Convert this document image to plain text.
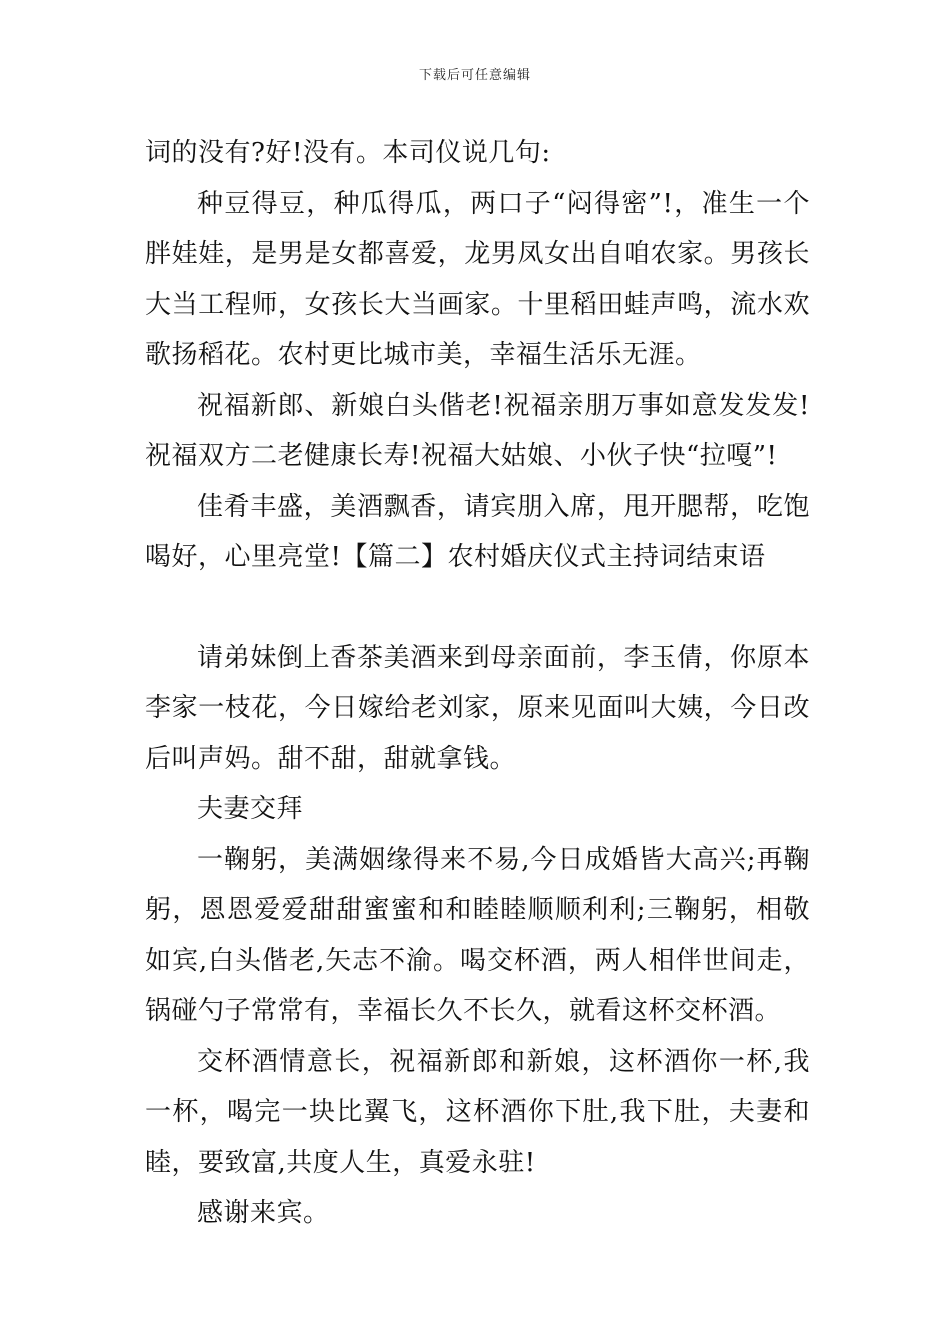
下载后可任意编辑

词的没有?好!没有。本司仪说几句:

种豆得豆，种瓜得瓜，两口子“闷得密”!，准生一个胖娃娃，是男是女都喜爱，龙男凤女出自咱农家。男孩长大当工程师，女孩长大当画家。十里稻田蛙声鸣，流水欢歌扬稻花。农村更比城市美，幸福生活乐无涯。

祝福新郎、新娘白头偕老!祝福亲朋万事如意发发发!祝福双方二老健康长寿!祝福大姑娘、小伙子快“拉嘎”!

佳肴丰盛，美酒飘香，请宾朋入席，甩开腮帮，吃饱喝好，心里亮堂!【篇二】农村婚庆仪式主持词结束语

请弟妹倒上香茶美酒来到母亲面前，李玉倩，你原本李家一枝花，今日嫁给老刘家，原来见面叫大姨，今日改后叫声妈。甜不甜，甜就拿钱。

夫妻交拜

一鞠躬，美满姻缘得来不易,今日成婚皆大高兴;再鞠躬，恩恩爱爱甜甜蜜蜜和和睦睦顺顺利利;三鞠躬，相敬如宾,白头偕老,矢志不渝。喝交杯酒，两人相伴世间走，锅碰勺子常常有，幸福长久不长久，就看这杯交杯酒。

交杯酒情意长，祝福新郎和新娘，这杯酒你一杯,我一杯，喝完一块比翼飞，这杯酒你下肚,我下肚，夫妻和睦，要致富,共度人生，真爱永驻!

感谢来宾。
